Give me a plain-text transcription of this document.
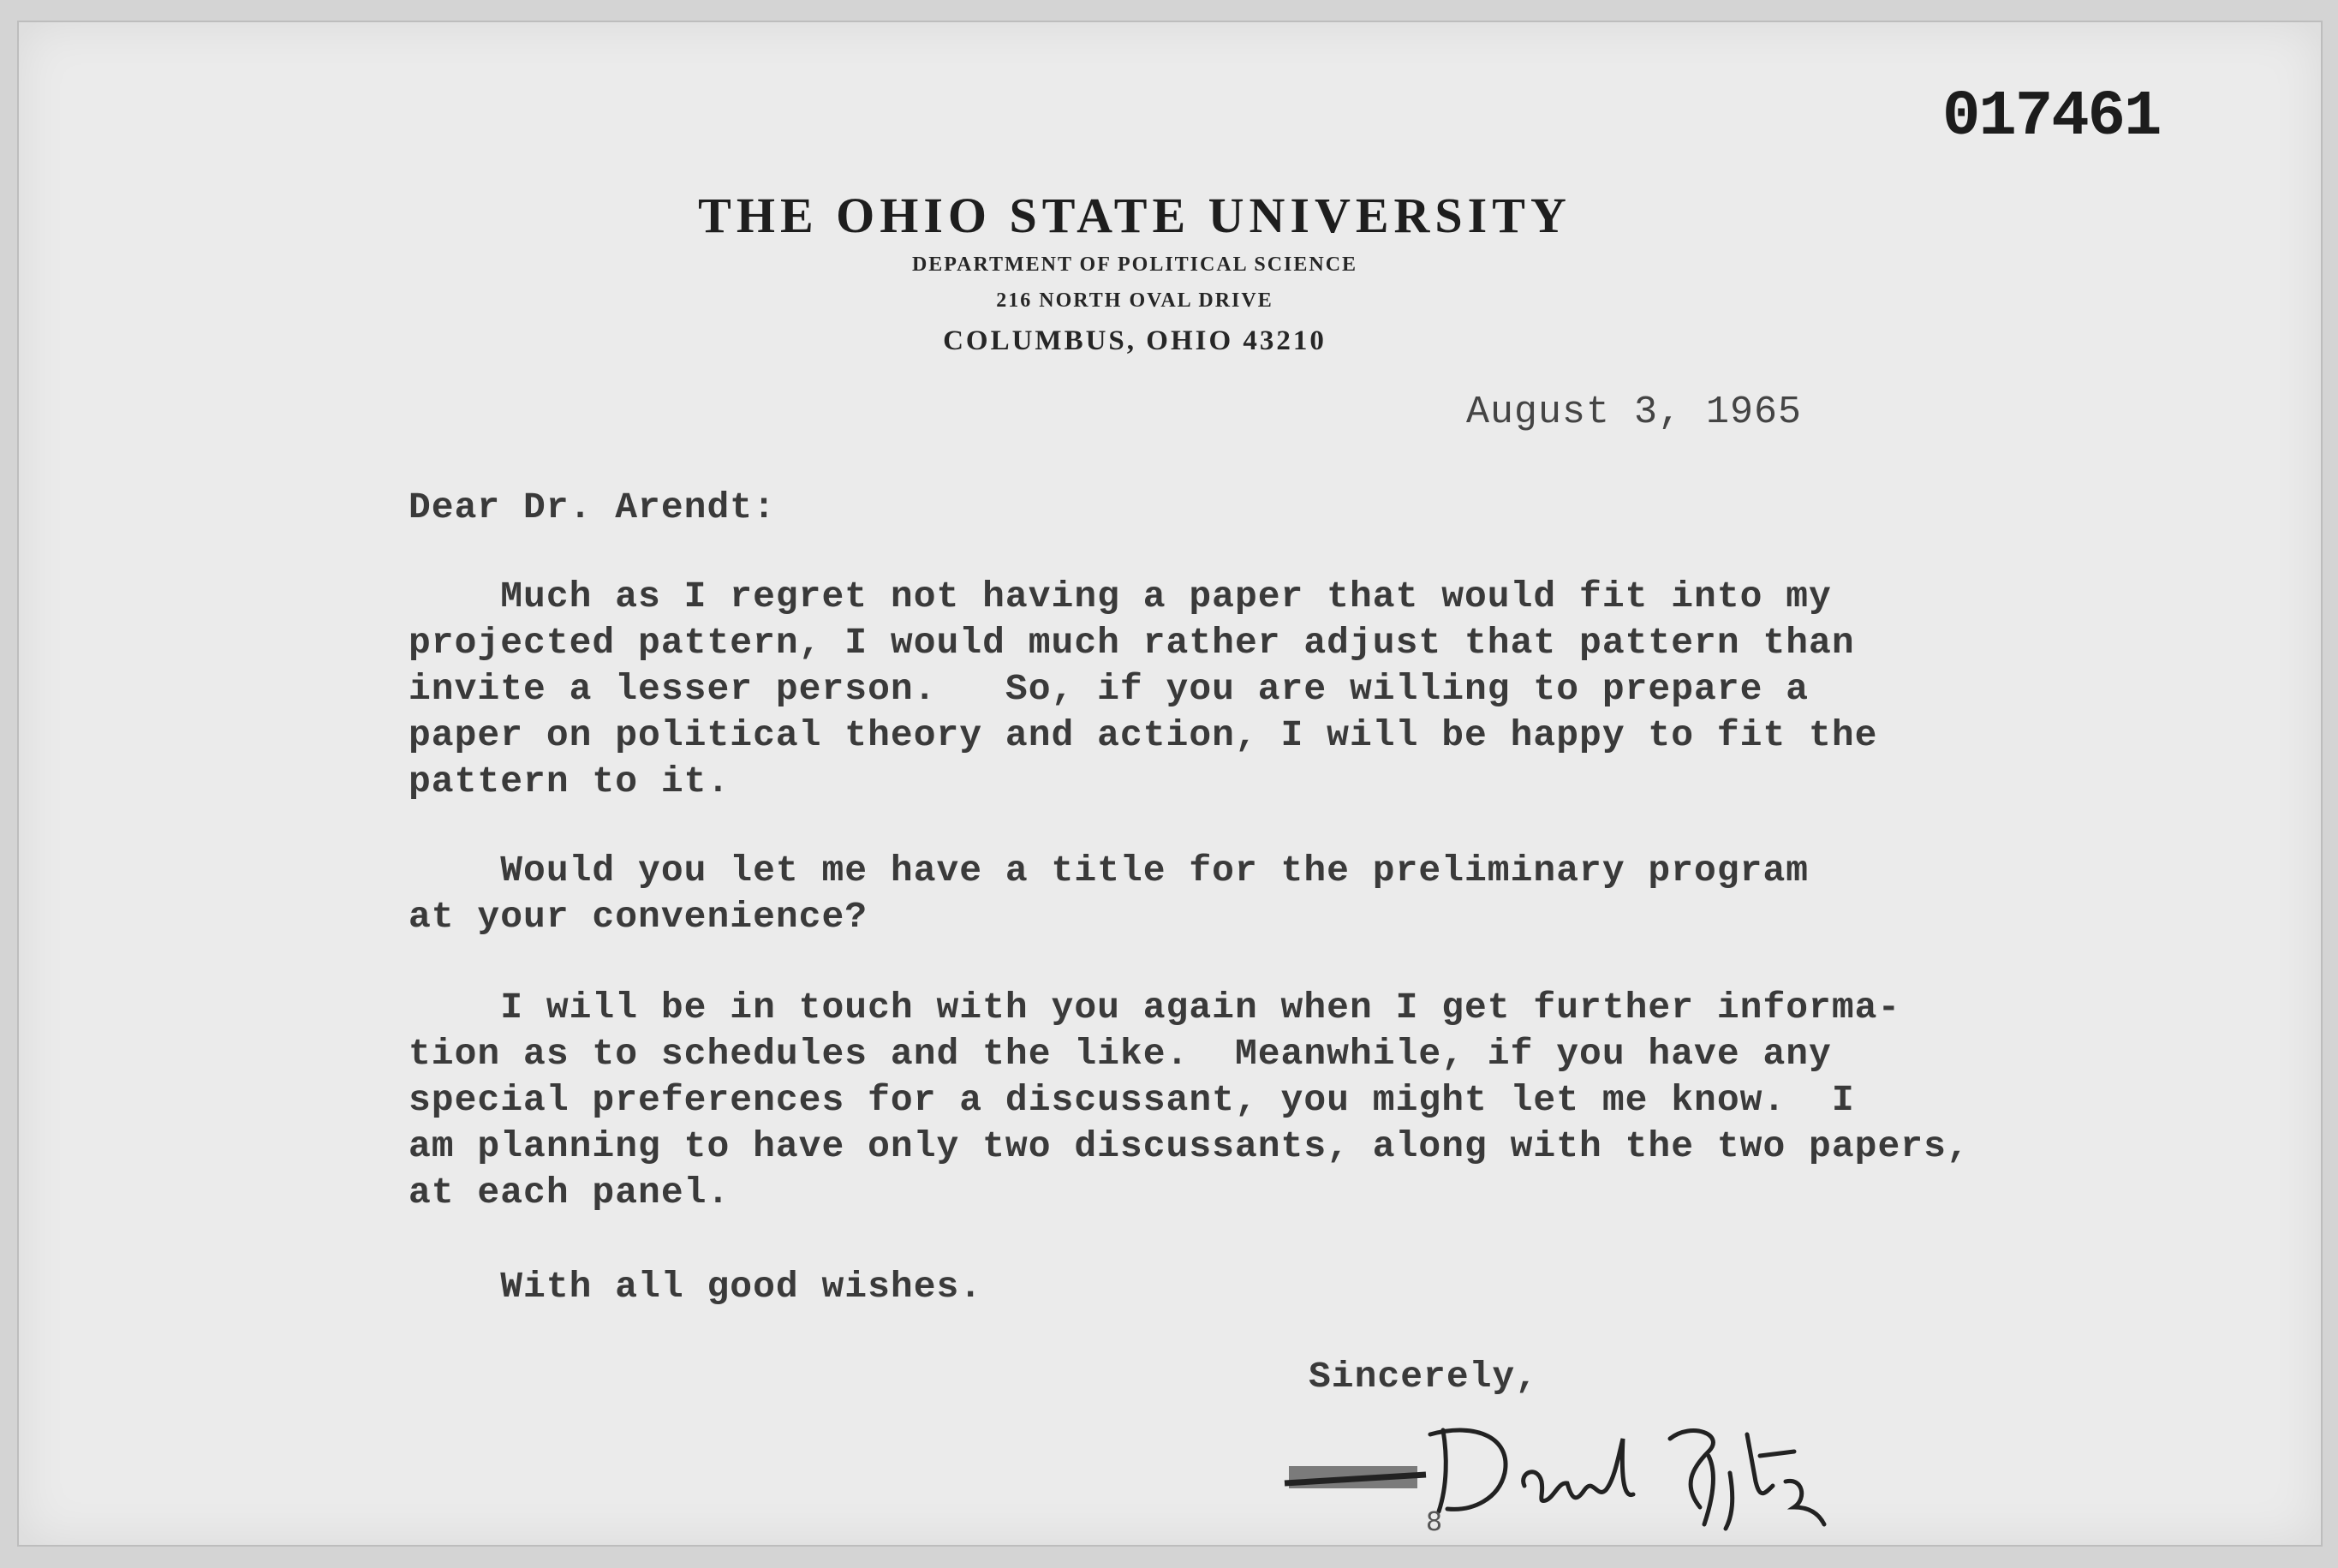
017461
THE OHIO STATE UNIVERSITY
DEPARTMENT OF POLITICAL SCIENCE
216 NORTH OVAL DRIVE
COLUMBUS, OHIO 43210
August 3, 1965
Dear Dr. Arendt:
Much as I regret not having a paper that would fit into my
projected pattern, I would much rather adjust that pattern than
invite a lesser person.   So, if you are willing to prepare a
paper on political theory and action, I will be happy to fit the
pattern to it.
Would you let me have a title for the preliminary program
at your convenience?
I will be in touch with you again when I get further informa-
tion as to schedules and the like.  Meanwhile, if you have any
special preferences for a discussant, you might let me know.  I
am planning to have only two discussants, along with the two papers,
at each panel.
With all good wishes.
Sincerely,
8
